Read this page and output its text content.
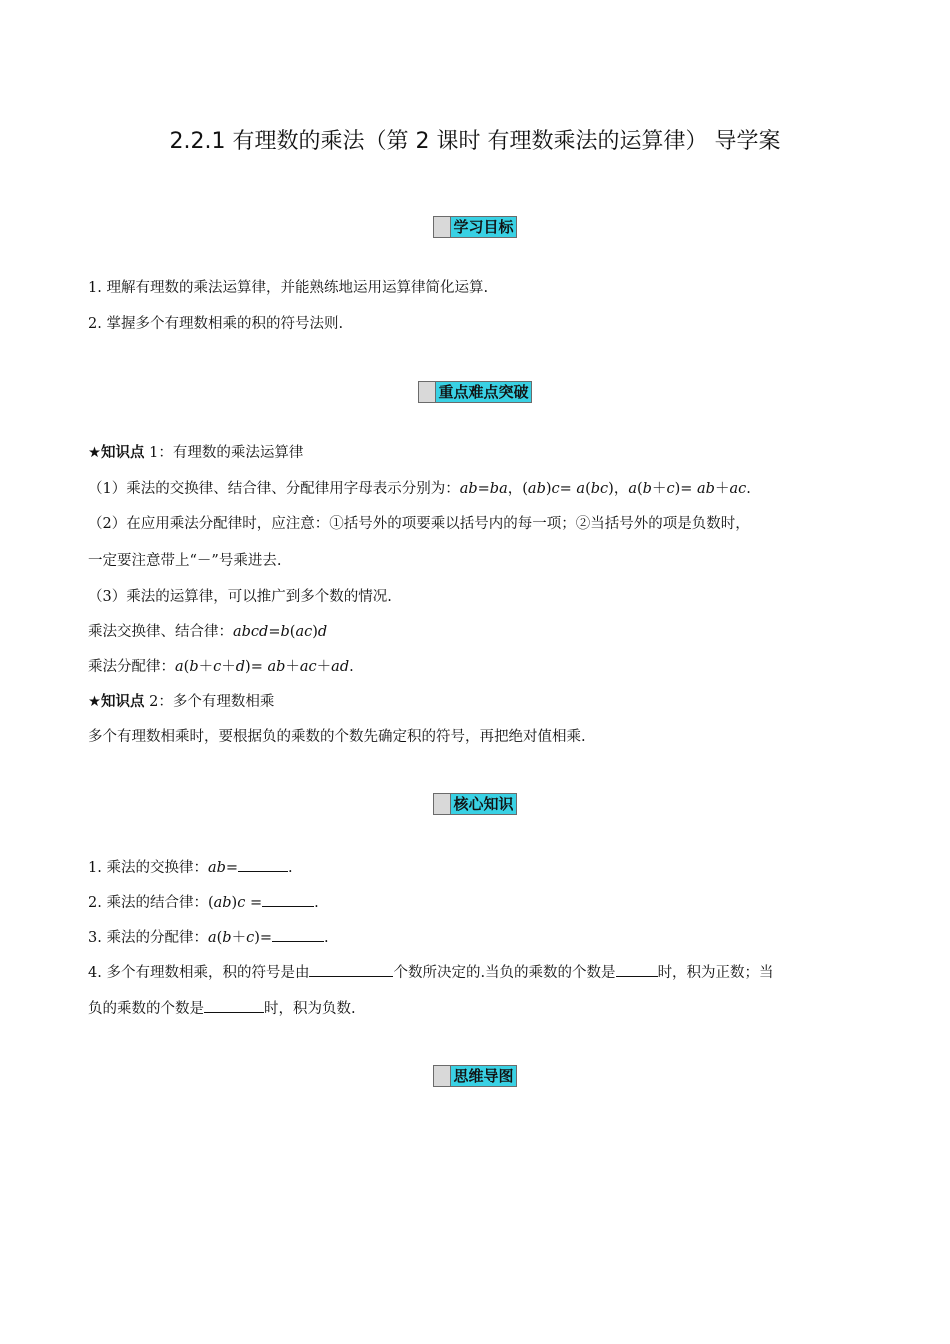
2.2.1 有理数的乘法（第 2 课时 有理数乘法的运算律） 导学案
学习目标
1. 理解有理数的乘法运算律，并能熟练地运用运算律简化运算.
2. 掌握多个有理数相乘的积的符号法则.
重点难点突破
★知识点 1：有理数的乘法运算律
（1）乘法的交换律、结合律、分配律用字母表示分别为：ab=ba，(ab)c= a(bc)，a(b＋c)= ab＋ac.
（2）在应用乘法分配律时，应注意：①括号外的项要乘以括号内的每一项；②当括号外的项是负数时，
一定要注意带上“－”号乘进去.
（3）乘法的运算律，可以推广到多个数的情况.
乘法交换律、结合律：abcd=b(ac)d
乘法分配律：a(b＋c＋d)= ab＋ac＋ad.
★知识点 2：多个有理数相乘
多个有理数相乘时，要根据负的乘数的个数先确定积的符号，再把绝对值相乘.
核心知识
1. 乘法的交换律：ab=	.
2. 乘法的结合律：(ab)c =	.
3. 乘法的分配律：a(b＋c)=	.
4. 多个有理数相乘，积的符号是由	个数所决定的.当负的乘数的个数是	时，积为正数；当
负的乘数的个数是	时，积为负数.
思维导图
